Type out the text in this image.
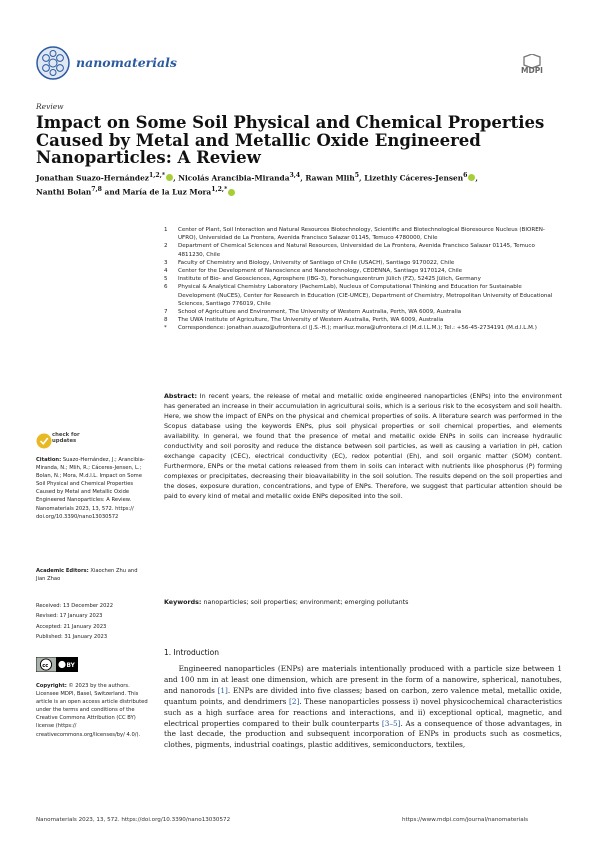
nanomaterials
MDPI
Review
Impact on Some Soil Physical and Chemical Properties Caused by Metal and Metallic Oxide Engineered Nanoparticles: A Review
Jonathan Suazo-Hernández$^{1,2,*}$ , Nicolás Arancibia-Miranda$^{3,4}$, Rawan Mlih$^5$, Lizethly Cáceres-Jensen$^6$ ,
Nanthi Bolan$^{7,8}$ and María de la Luz Mora$^{1,2,*}$
1	Center of Plant, Soil Interaction and Natural Resources Biotechnology, Scientific and Biotechnological Bioresource Nucleus (BIOREN-UFRO), Universidad de La Frontera, Avenida Francisco Salazar 01145, Temuco 4780000, Chile
2	Department of Chemical Sciences and Natural Resources, Universidad de La Frontera, Avenida Francisco Salazar 01145, Temuco 4811230, Chile
3	Faculty of Chemistry and Biology, University of Santiago of Chile (USACH), Santiago 9170022, Chile
4	Center for the Development of Nanoscience and Nanotechnology, CEDENNA, Santiago 9170124, Chile
5	Institute of Bio- and Geosciences, Agrosphere (IBG-3), Forschungszentrum Jülich (FZ), 52425 Jülich, Germany
6	Physical & Analytical Chemistry Laboratory (PachemLab), Nucleus of Computational Thinking and Education for Sustainable Development (NuCES), Center for Research in Education (CIE-UMCE), Department of Chemistry, Metropolitan University of Educational Sciences, Santiago 776019, Chile
7	School of Agriculture and Environment, The University of Western Australia, Perth, WA 6009, Australia
8	The UWA Institute of Agriculture, The University of Western Australia, Perth, WA 6009, Australia
*	Correspondence: jonathan.suazo@ufrontera.cl (J.S.-H.); mariluz.mora@ufrontera.cl (M.d.l.L.M.); Tel.: +56-45-2734191 (M.d.l.L.M.)
Abstract: In recent years, the release of metal and metallic oxide engineered nanoparticles (ENPs) into the environment has generated an increase in their accumulation in agricultural soils, which is a serious risk to the ecosystem and soil health. Here, we show the impact of ENPs on the physical and chemical properties of soils. A literature search was performed in the Scopus database using the keywords ENPs, plus soil physical properties or soil chemical properties, and elements availability. In general, we found that the presence of metal and metallic oxide ENPs in soils can increase hydraulic conductivity and soil porosity and reduce the distance between soil particles, as well as causing a variation in pH, cation exchange capacity (CEC), electrical conductivity (EC), redox potential (Eh), and soil organic matter (SOM) content. Furthermore, ENPs or the metal cations released from them in soils can interact with nutrients like phosphorus (P) forming complexes or precipitates, decreasing their bioavailability in the soil solution. The results depend on the soil properties and the doses, exposure duration, concentrations, and type of ENPs. Therefore, we suggest that particular attention should be paid to every kind of metal and metallic oxide ENPs deposited into the soil.
Keywords: nanoparticles; soil properties; environment; emerging pollutants
check for
updates
Citation: Suazo-Hernández, J.; Arancibia-Miranda, N.; Mlih, R.; Cáceres-Jensen, L.; Bolan, N.; Mora, M.d.l.L. Impact on Some Soil Physical and Chemical Properties Caused by Metal and Metallic Oxide Engineered Nanoparticles: A Review. Nanomaterials 2023, 13, 572. https:// doi.org/10.3390/nano13030572
Academic Editors: Xiaochen Zhu and Jian Zhao
Received: 13 December 2022
Revised: 17 January 2023
Accepted: 21 January 2023
Published: 31 January 2023
cc	BY
Copyright: © 2023 by the authors. Licensee MDPI, Basel, Switzerland. This article is an open access article distributed under the terms and conditions of the Creative Commons Attribution (CC BY) license (https:// creativecommons.org/licenses/by/ 4.0/).
1. Introduction
  Engineered nanoparticles (ENPs) are materials intentionally produced with a particle size between 1 and 100 nm in at least one dimension, which are present in the form of a nanowire, spherical, nanotubes, and nanorods [1]. ENPs are divided into five classes; based on carbon, zero valence metal, metallic oxide, quantum points, and dendrimers [2]. These nanoparticles possess i) novel physicochemical characteristics such as a high surface area for reactions and interactions, and ii) exceptional optical, magnetic, and electrical properties compared to their bulk counterparts [3–5]. As a consequence of those advantages, in the last decade, the production and subsequent incorporation of ENPs in products such as cosmetics, clothes, pigments, industrial coatings, plastic additives, semiconductors, textiles,
Nanomaterials 2023, 13, 572. https://doi.org/10.3390/nano13030572	https://www.mdpi.com/journal/nanomaterials
